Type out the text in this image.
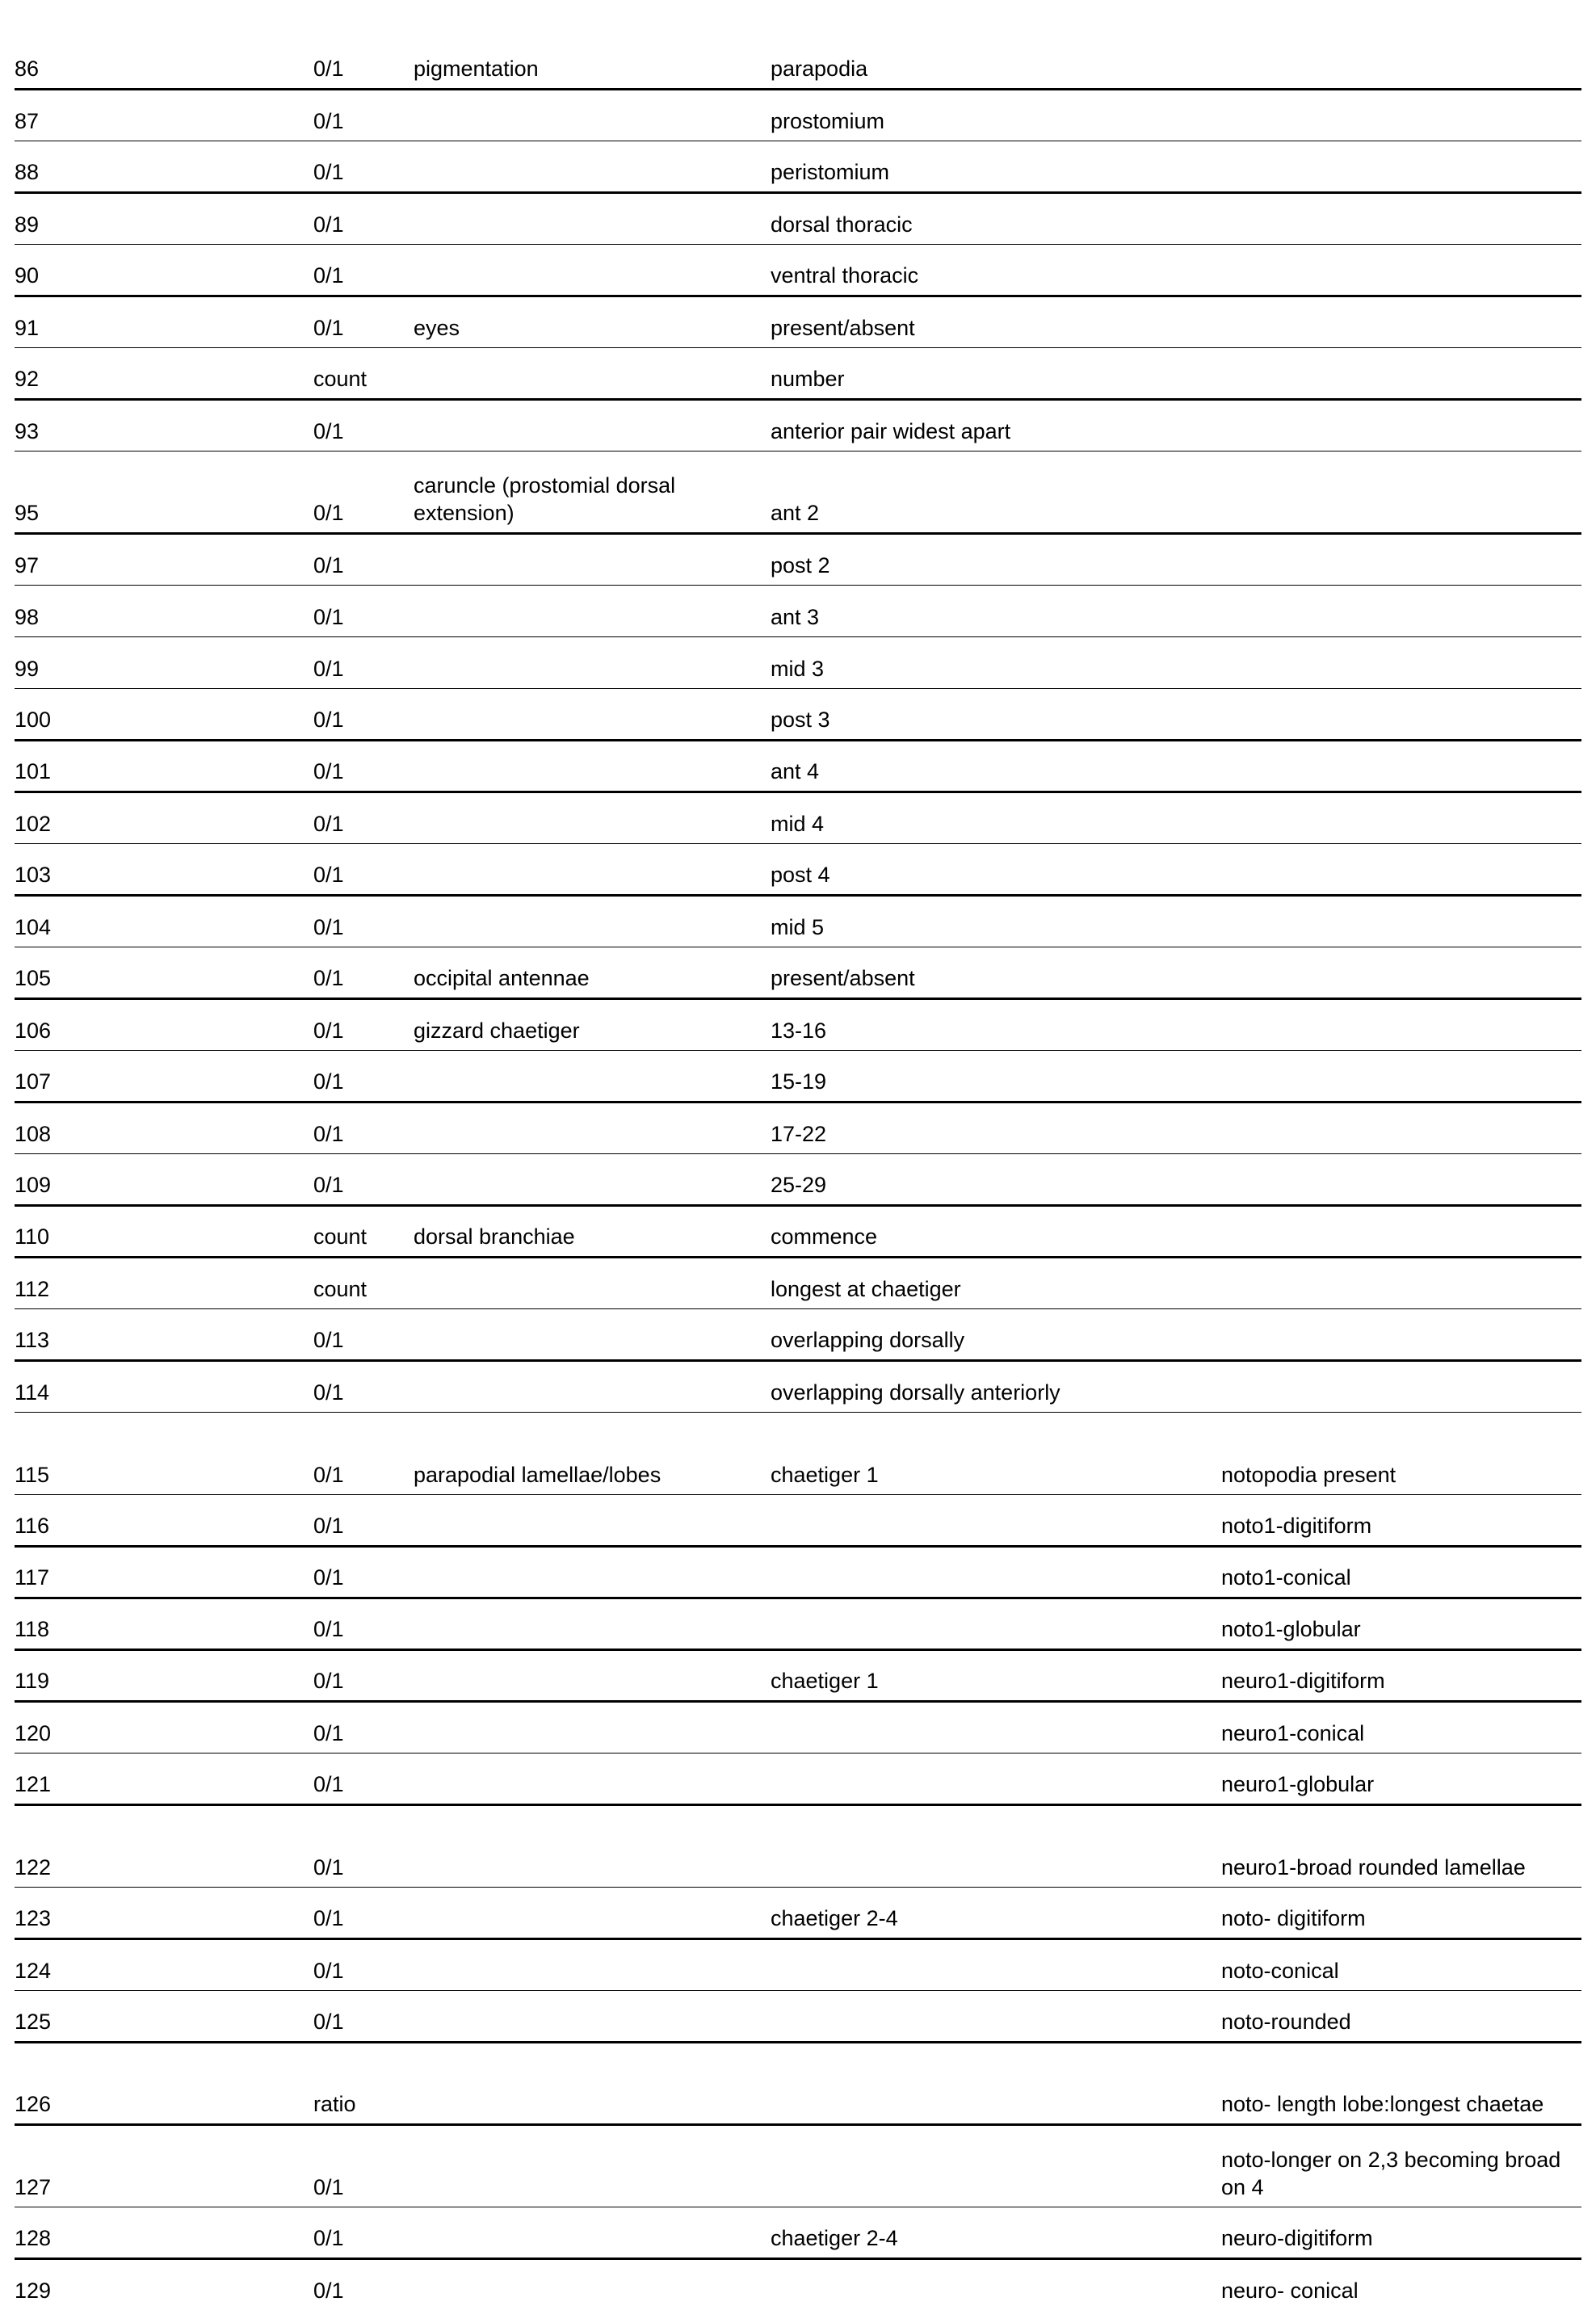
86	0/1	pigmentation	parapodia	
87	0/1		prostomium	
88	0/1		peristomium	
89	0/1		dorsal thoracic	
90	0/1		ventral thoracic	
91	0/1	eyes	present/absent	
92	count		number	
93	0/1		anterior pair widest apart	
95	0/1	caruncle (prostomial dorsal extension)	ant 2	
97	0/1		post 2	
98	0/1		ant 3	
99	0/1		mid 3	
100	0/1		post 3	
101	0/1		ant 4	
102	0/1		mid 4	
103	0/1		post 4	
104	0/1		mid 5	
105	0/1	occipital antennae	present/absent	
106	0/1	gizzard chaetiger	13-16	
107	0/1		15-19	
108	0/1		17-22	
109	0/1		25-29	
110	count	dorsal branchiae	commence	
112	count		longest at chaetiger	
113	0/1		overlapping dorsally	
114	0/1		overlapping dorsally anteriorly	
115	0/1	parapodial lamellae/lobes	chaetiger 1	notopodia present
116	0/1			noto1-digitiform
117	0/1			noto1-conical
118	0/1			noto1-globular
119	0/1		chaetiger 1	neuro1-digitiform
120	0/1			neuro1-conical
121	0/1			neuro1-globular
122	0/1			neuro1-broad rounded lamellae
123	0/1		chaetiger 2-4	noto- digitiform
124	0/1			noto-conical
125	0/1			noto-rounded
126	ratio			noto- length lobe:longest chaetae
127	0/1			noto-longer on 2,3 becoming broad on 4
128	0/1		chaetiger 2-4	neuro-digitiform
129	0/1			neuro- conical
